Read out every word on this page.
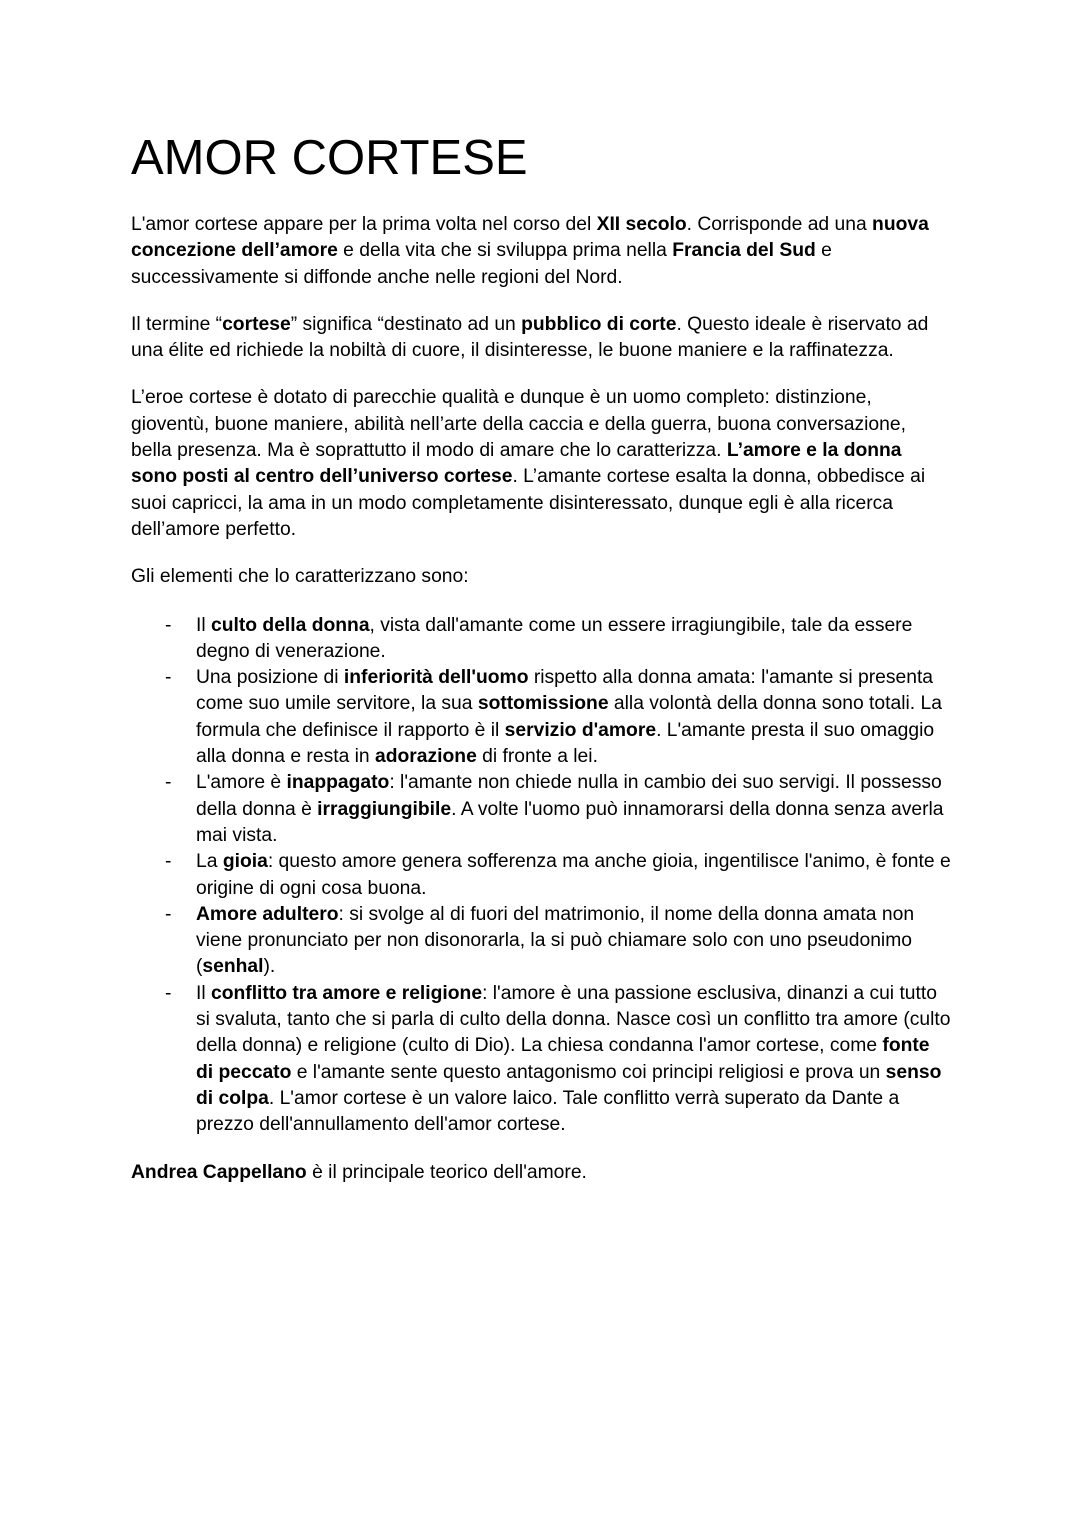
AMOR CORTESE

L'amor cortese appare per la prima volta nel corso del XII secolo. Corrisponde ad una nuova concezione dell’amore e della vita che si sviluppa prima nella Francia del Sud e successivamente si diffonde anche nelle regioni del Nord.

Il termine “cortese” significa “destinato ad un pubblico di corte. Questo ideale è riservato ad una élite ed richiede la nobiltà di cuore, il disinteresse, le buone maniere e la raffinatezza.

L’eroe cortese è dotato di parecchie qualità e dunque è un uomo completo: distinzione, gioventù, buone maniere, abilità nell’arte della caccia e della guerra, buona conversazione, bella presenza. Ma è soprattutto il modo di amare che lo caratterizza. L’amore e la donna sono posti al centro dell’universo cortese. L’amante cortese esalta la donna, obbedisce ai suoi capricci, la ama in un modo completamente disinteressato, dunque egli è alla ricerca dell’amore perfetto.

Gli elementi che lo caratterizzano sono:

- Il culto della donna, vista dall'amante come un essere irragiungibile, tale da essere degno di venerazione.
- Una posizione di inferiorità dell'uomo rispetto alla donna amata: l'amante si presenta come suo umile servitore, la sua sottomissione alla volontà della donna sono totali. La formula che definisce il rapporto è il servizio d'amore. L'amante presta il suo omaggio alla donna e resta in adorazione di fronte a lei.
- L'amore è inappagato: l'amante non chiede nulla in cambio dei suo servigi. Il possesso della donna è irraggiungibile. A volte l'uomo può innamorarsi della donna senza averla mai vista.
- La gioia: questo amore genera sofferenza ma anche gioia, ingentilisce l'animo, è fonte e origine di ogni cosa buona.
- Amore adultero: si svolge al di fuori del matrimonio, il nome della donna amata non viene pronunciato per non disonorarla, la si può chiamare solo con uno pseudonimo (senhal).
- Il conflitto tra amore e religione: l'amore è una passione esclusiva, dinanzi a cui tutto si svaluta, tanto che si parla di culto della donna. Nasce così un conflitto tra amore (culto della donna) e religione (culto di Dio). La chiesa condanna l'amor cortese, come fonte di peccato e l'amante sente questo antagonismo coi principi religiosi e prova un senso di colpa. L'amor cortese è un valore laico. Tale conflitto verrà superato da Dante a prezzo dell'annullamento dell'amor cortese.

Andrea Cappellano è il principale teorico dell'amore.
